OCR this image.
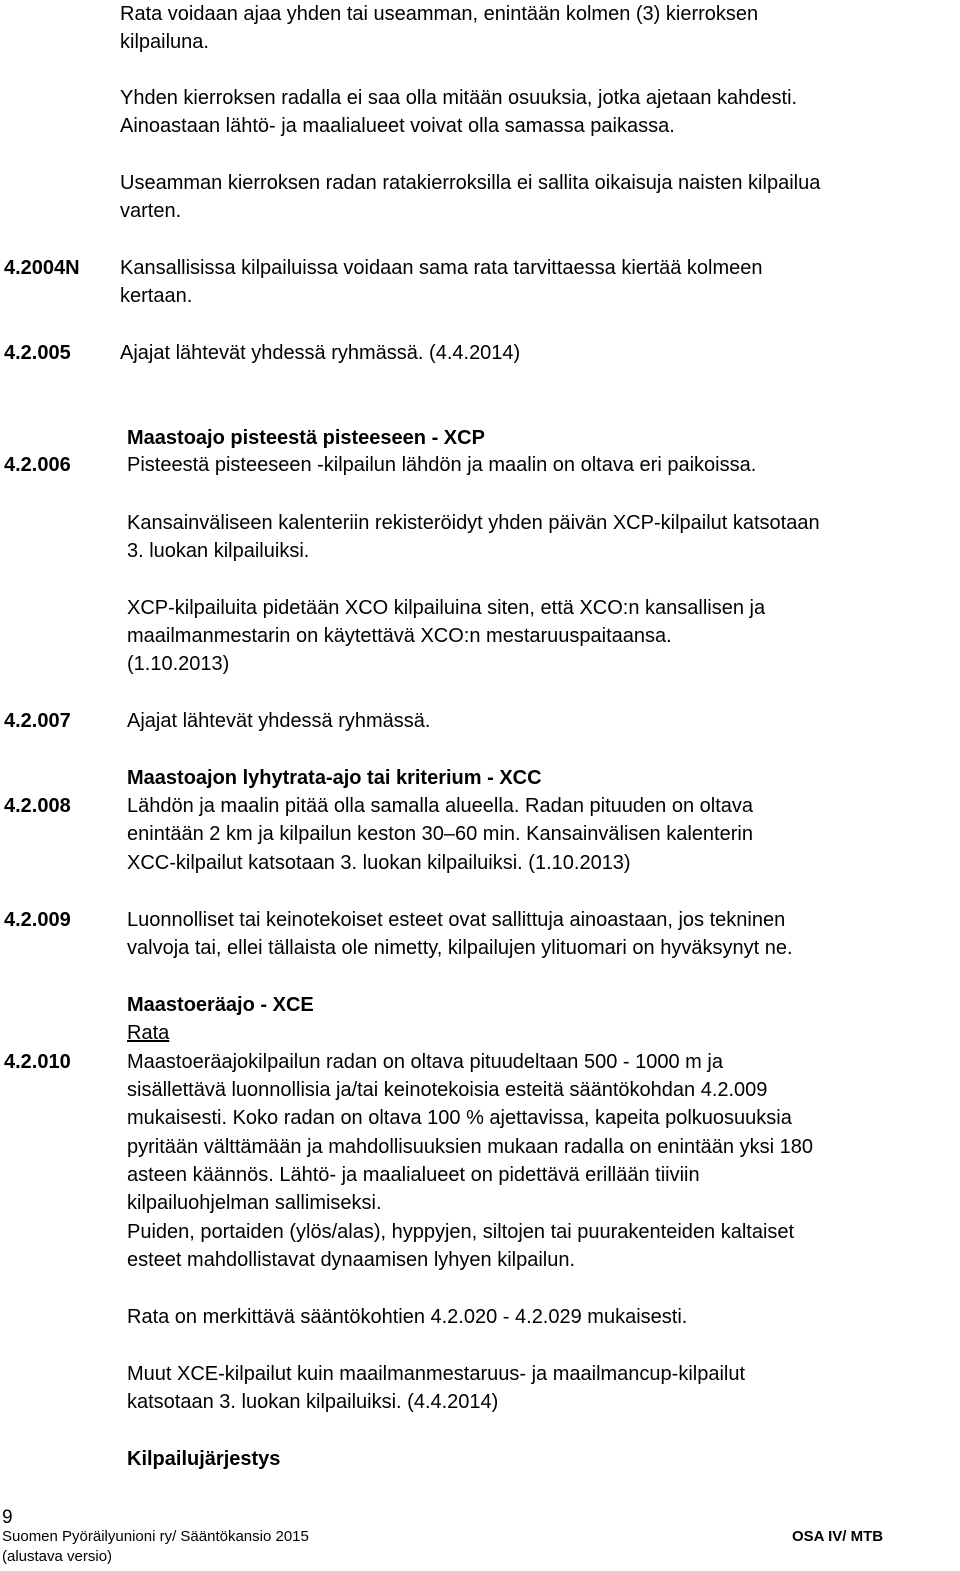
Rata voidaan ajaa yhden tai useamman, enintään kolmen (3) kierroksen
kilpailuna.
Yhden kierroksen radalla ei saa olla mitään osuuksia, jotka ajetaan kahdesti.
Ainoastaan lähtö- ja maalialueet voivat olla samassa paikassa.
Useamman kierroksen radan ratakierroksilla ei sallita oikaisuja naisten kilpailua
varten.
4.2004N Kansallisissa kilpailuissa voidaan sama rata tarvittaessa kiertää kolmeen
kertaan.
4.2.005 Ajajat lähtevät yhdessä ryhmässä. (4.4.2014)
Maastoajo pisteestä pisteeseen - XCP
4.2.006	Pisteestä pisteeseen -kilpailun lähdön ja maalin on oltava eri paikoissa.
Kansainväliseen kalenteriin rekisteröidyt yhden päivän XCP-kilpailut katsotaan
3. luokan kilpailuiksi.
XCP-kilpailuita pidetään XCO kilpailuina siten, että XCO:n kansallisen ja
maailmanmestarin on käytettävä XCO:n mestaruuspaitaansa.
(1.10.2013)
4.2.007	Ajajat lähtevät yhdessä ryhmässä.
Maastoajon lyhytrata-ajo tai kriterium - XCC
4.2.008	Lähdön ja maalin pitää olla samalla alueella. Radan pituuden on oltava
enintään 2 km ja kilpailun keston 30–60 min. Kansainvälisen kalenterin
XCC-kilpailut katsotaan 3. luokan kilpailuiksi. (1.10.2013)
4.2.009	Luonnolliset tai keinotekoiset esteet ovat sallittuja ainoastaan, jos tekninen
valvoja tai, ellei tällaista ole nimetty, kilpailujen ylituomari on hyväksynyt ne.
Maastoeräajo - XCE
Rata
4.2.010	Maastoeräajokilpailun radan on oltava pituudeltaan 500 - 1000 m ja
sisällettävä luonnollisia ja/tai keinotekoisia esteitä sääntökohdan 4.2.009
mukaisesti. Koko radan on oltava 100 % ajettavissa, kapeita polkuosuuksia
pyritään välttämään ja mahdollisuuksien mukaan radalla on enintään yksi 180
asteen käännös. Lähtö- ja maalialueet on pidettävä erillään tiiviin
kilpailuohjelman sallimiseksi.
Puiden, portaiden (ylös/alas), hyppyjen, siltojen tai puurakenteiden kaltaiset
esteet mahdollistavat dynaamisen lyhyen kilpailun.
Rata on merkittävä sääntökohtien 4.2.020 - 4.2.029 mukaisesti.
Muut XCE-kilpailut kuin maailmanmestaruus- ja maailmancup-kilpailut
katsotaan 3. luokan kilpailuiksi. (4.4.2014)
Kilpailujärjestys
9
Suomen Pyöräilyunioni ry/ Sääntökansio 2015
(alustava versio)
OSA IV/ MTB
